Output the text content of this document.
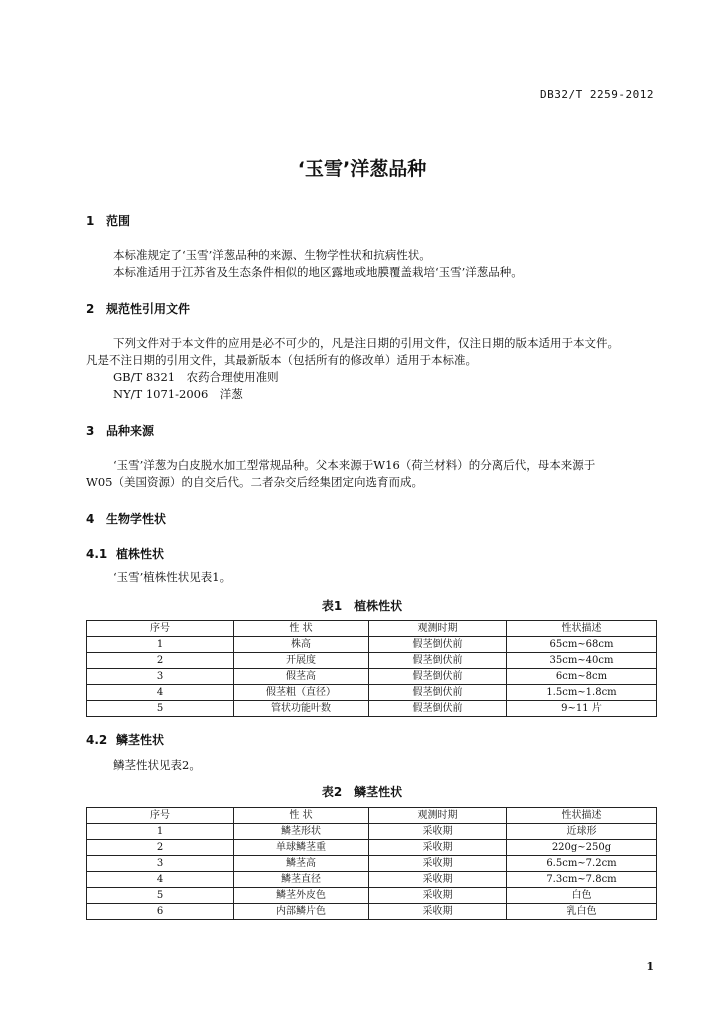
DB32/T 2259-2012
‘玉雪’洋葱品种
1 范围
本标准规定了‘玉雪’洋葱品种的来源、生物学性状和抗病性状。
本标准适用于江苏省及生态条件相似的地区露地或地膜覆盖栽培‘玉雪’洋葱品种。
2 规范性引用文件
下列文件对于本文件的应用是必不可少的，凡是注日期的引用文件，仅注日期的版本适用于本文件。
凡是不注日期的引用文件，其最新版本（包括所有的修改单）适用于本标准。
GB/T 8321　农药合理使用准则
NY/T 1071-2006　洋葱
3 品种来源
‘玉雪’洋葱为白皮脱水加工型常规品种。父本来源于W16（荷兰材料）的分离后代，母本来源于
W05（美国资源）的自交后代。二者杂交后经集团定向选育而成。
4 生物学性状
4.1 植株性状
‘玉雪’植株性状见表1。
表1 植株性状
序号	性 状	观测时期	性状描述
1	株高	假茎倒伏前	65cm~68cm
2	开展度	假茎倒伏前	35cm~40cm
3	假茎高	假茎倒伏前	6cm~8cm
4	假茎粗（直径）	假茎倒伏前	1.5cm~1.8cm
5	管状功能叶数	假茎倒伏前	9~11 片
4.2 鳞茎性状
鳞茎性状见表2。
表2 鳞茎性状
序号	性 状	观测时期	性状描述
1	鳞茎形状	采收期	近球形
2	单球鳞茎重	采收期	220g~250g
3	鳞茎高	采收期	6.5cm~7.2cm
4	鳞茎直径	采收期	7.3cm~7.8cm
5	鳞茎外皮色	采收期	白色
6	内部鳞片色	采收期	乳白色
1
